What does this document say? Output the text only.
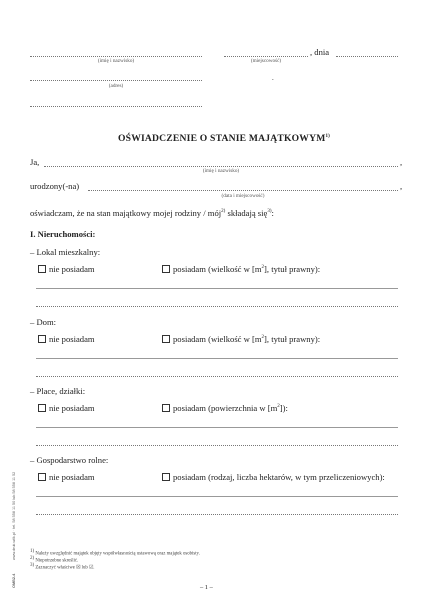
(imię i nazwisko)
, dnia
(miejscowość)
.
(adres)
OŚWIADCZENIE O STANIE MAJĄTKOWYM$^{1)}$
Ja,	,
(imię i nazwisko)
urodzony(-na)	,
(data i miejscowość)
oświadczam, że na stan majątkowy mojej rodziny / mój$^{2)}$ składają się$^{3)}$:
I. Nieruchomości:
– Lokal mieszkalny:
nie posiadam	posiadam (wielkość w $[m^2]$, tytuł prawny):
– Dom:
nie posiadam	posiadam (wielkość w $[m^2]$, tytuł prawny):
– Place, działki:
nie posiadam	posiadam (powierzchnia w $[m^2]$):
– Gospodarstwo rolne:
nie posiadam	posiadam (rodzaj, liczba hektarów, w tym przeliczeniowych):
$^{1)}$ Należy uwzględnić majątek objęty współwłasnością ustawową oraz majątek osobisty.
$^{2)}$ Niepotrzebne skreślić.
$^{3)}$ Zaznaczyć właściwe ☒ lub ☑.
– 1 –
www.druk.wilk.pl · tel. 58 558 11 50 lub 58 558 11 52
OMB2-4
